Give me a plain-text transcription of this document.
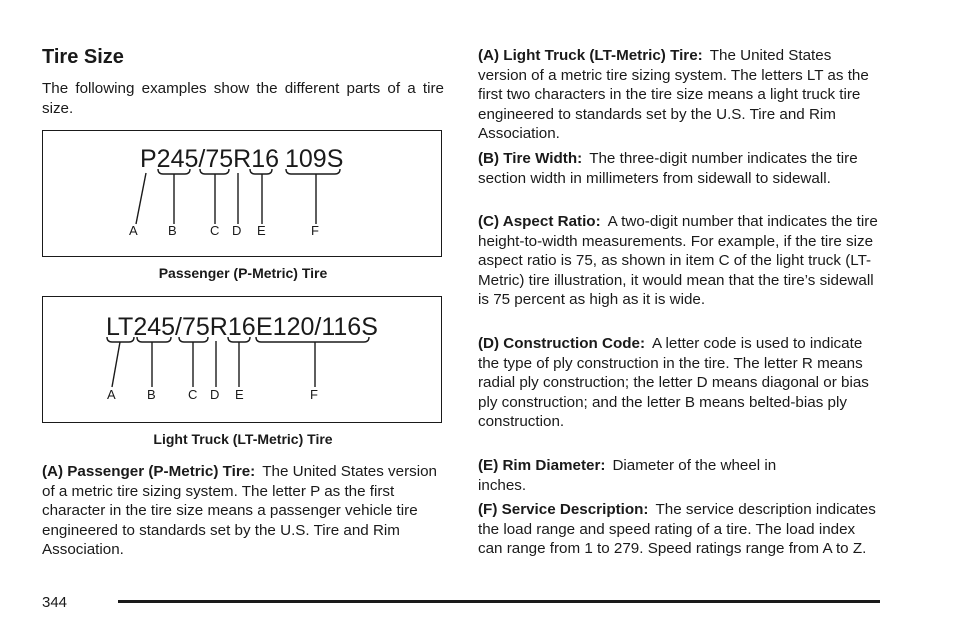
Tire Size

The following examples show the different parts of a tire size.

P245/75R16 109S
A B	C D E	F

Passenger (P-Metric) Tire

LT245/75R16 E120/116S
A B C D E	F

Light Truck (LT-Metric) Tire

(A) Passenger (P-Metric) Tire: The United States version of a metric tire sizing system. The letter P as the first character in the tire size means a passenger vehicle tire engineered to standards set by the U.S. Tire and Rim Association.

(A) Light Truck (LT-Metric) Tire: The United States version of a metric tire sizing system. The letters LT as the first two characters in the tire size means a light truck tire engineered to standards set by the U.S. Tire and Rim Association.

(B) Tire Width: The three-digit number indicates the tire section width in millimeters from sidewall to sidewall.

(C) Aspect Ratio: A two-digit number that indicates the tire height-to-width measurements. For example, if the tire size aspect ratio is 75, as shown in item C of the light truck (LT-Metric) tire illustration, it would mean that the tire’s sidewall is 75 percent as high as it is wide.

(D) Construction Code: A letter code is used to indicate the type of ply construction in the tire. The letter R means radial ply construction; the letter D means diagonal or bias ply construction; and the letter B means belted-bias ply construction.

(E) Rim Diameter: Diameter of the wheel in inches.

(F) Service Description: The service description indicates the load range and speed rating of a tire. The load index can range from 1 to 279. Speed ratings range from A to Z.

344
